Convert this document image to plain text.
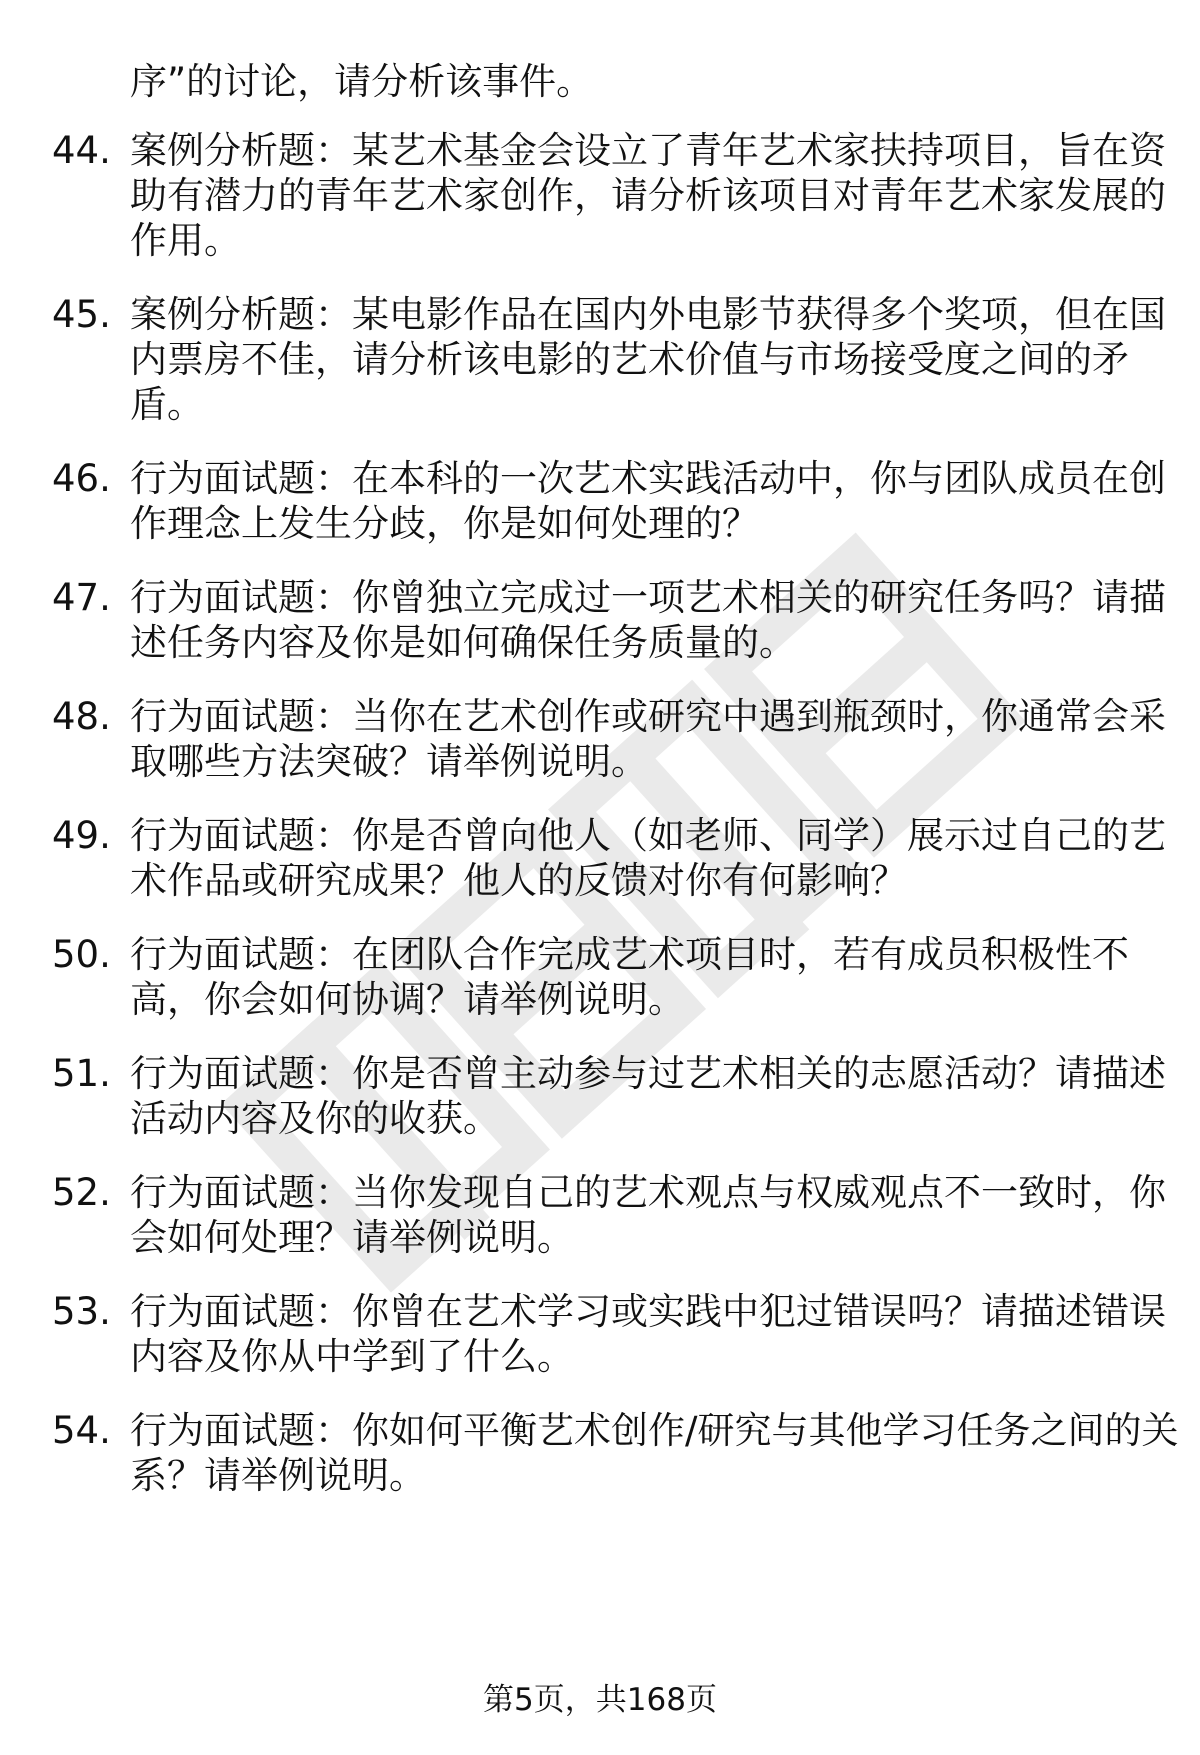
序”的讨论，请分析该事件。
44. 案例分析题：某艺术基金会设立了青年艺术家扶持项目，旨在资
助有潜力的青年艺术家创作，请分析该项目对青年艺术家发展的
作用。
45. 案例分析题：某电影作品在国内外电影节获得多个奖项，但在国
内票房不佳，请分析该电影的艺术价值与市场接受度之间的矛
盾。
46. 行为面试题：在本科的一次艺术实践活动中，你与团队成员在创
作理念上发生分歧，你是如何处理的？
47. 行为面试题：你曾独立完成过一项艺术相关的研究任务吗？请描
述任务内容及你是如何确保任务质量的。
48. 行为面试题：当你在艺术创作或研究中遇到瓶颈时，你通常会采
取哪些方法突破？请举例说明。
49. 行为面试题：你是否曾向他人（如老师、同学）展示过自己的艺
术作品或研究成果？他人的反馈对你有何影响？
50. 行为面试题：在团队合作完成艺术项目时，若有成员积极性不
高，你会如何协调？请举例说明。
51. 行为面试题：你是否曾主动参与过艺术相关的志愿活动？请描述
活动内容及你的收获。
52. 行为面试题：当你发现自己的艺术观点与权威观点不一致时，你
会如何处理？请举例说明。
53. 行为面试题：你曾在艺术学习或实践中犯过错误吗？请描述错误
内容及你从中学到了什么。
54. 行为面试题：你如何平衡艺术创作/研究与其他学习任务之间的关
系？请举例说明。
第5页，共168页
